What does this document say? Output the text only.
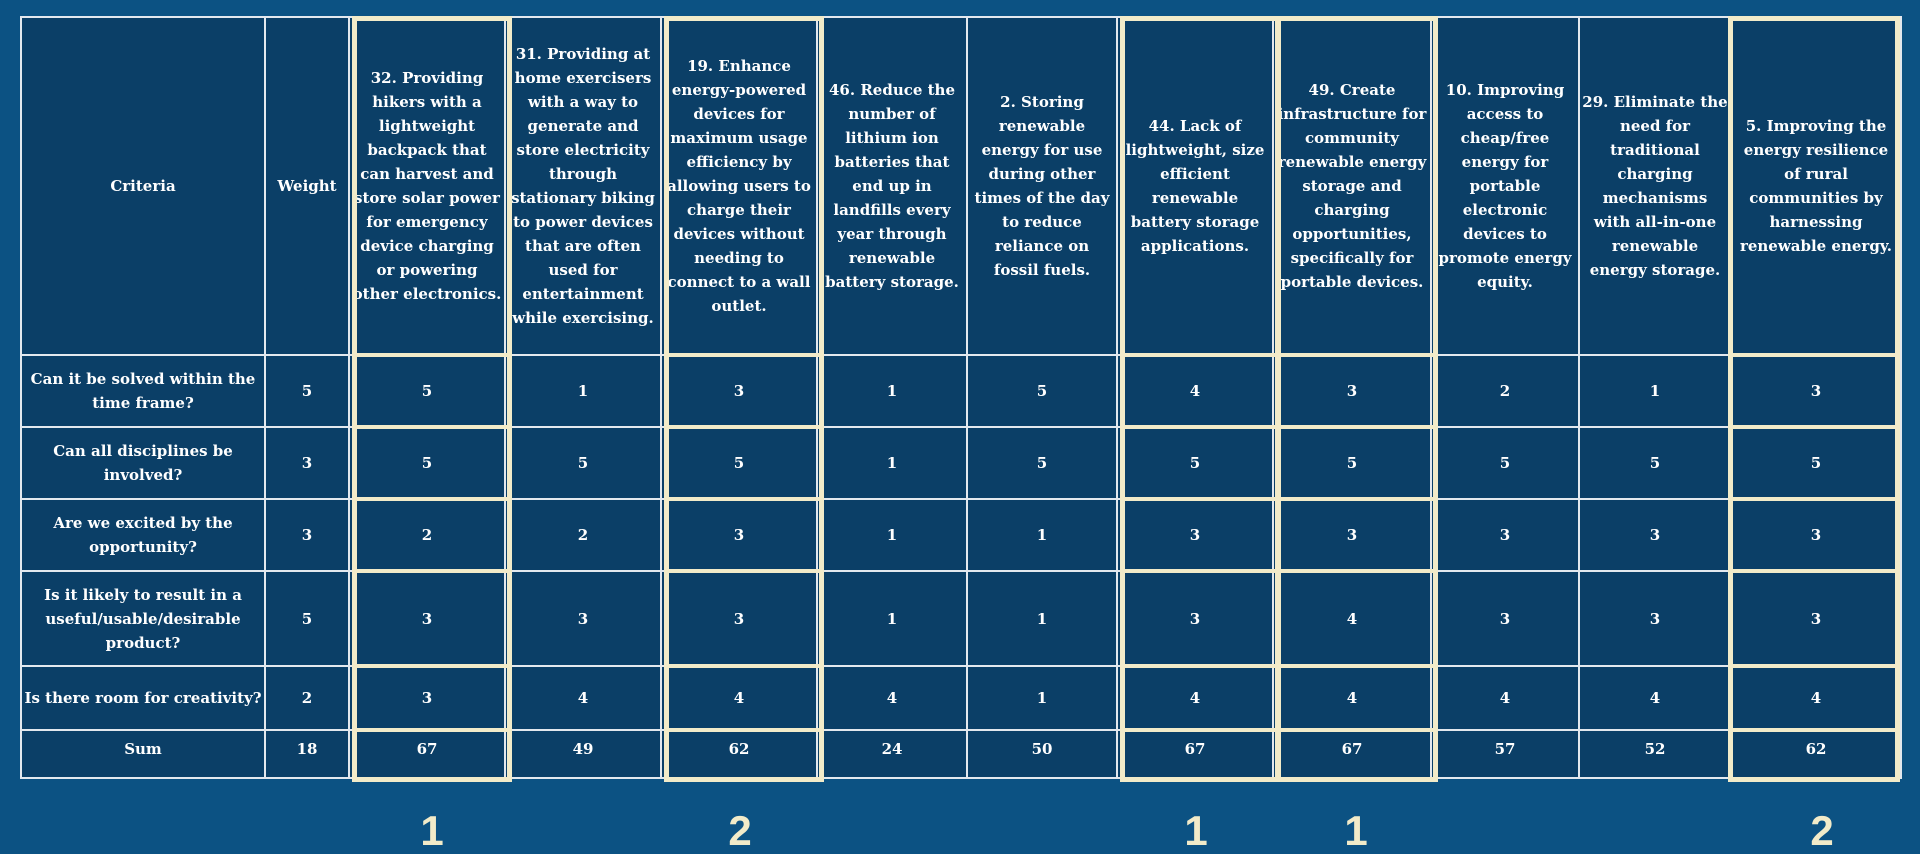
Criteria	Weight	32. Providing hikers with a lightweight backpack that can harvest and store solar power for emergency device charging or powering other electronics.	31. Providing at home exercisers with a way to generate and store electricity through stationary biking to power devices that are often used for entertainment while exercising.	19. Enhance energy-powered devices for maximum usage efficiency by allowing users to charge their devices without needing to connect to a wall outlet.	46. Reduce the number of lithium ion batteries that end up in landfills every year through renewable battery storage.	2. Storing renewable energy for use during other times of the day to reduce reliance on fossil fuels.	44. Lack of lightweight, size efficient renewable battery storage applications.	49. Create infrastructure for community renewable energy storage and charging opportunities, specifically for portable devices.	10. Improving access to cheap/free energy for portable electronic devices to promote energy equity.	29. Eliminate the need for traditional charging mechanisms with all-in-one renewable energy storage.	5. Improving the energy resilience of rural communities by harnessing renewable energy.
Can it be solved within the time frame?	5	5	1	3	1	5	4	3	2	1	3
Can all disciplines be involved?	3	5	5	5	1	5	5	5	5	5	5
Are we excited by the opportunity?	3	2	2	3	1	1	3	3	3	3	3
Is it likely to result in a useful/usable/desirable product?	5	3	3	3	1	1	3	4	3	3	3
Is there room for creativity?	2	3	4	4	4	1	4	4	4	4	4
Sum	18	67	49	62	24	50	67	67	57	52	62
1	2	1	1	2
